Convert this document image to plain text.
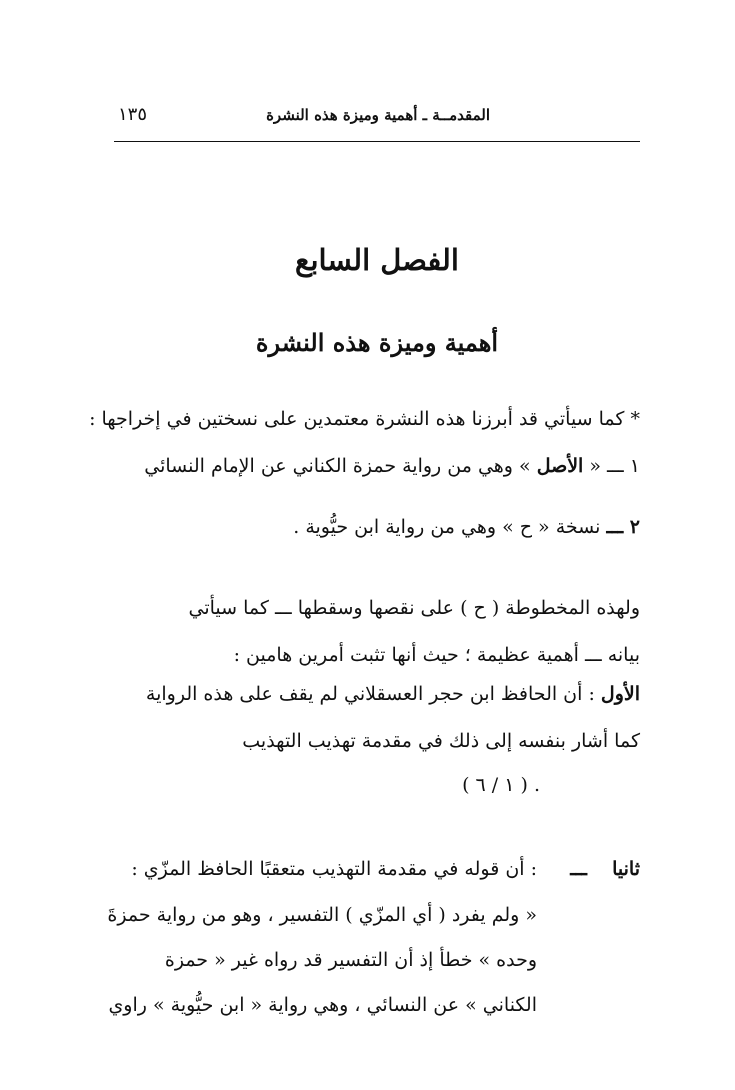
المقدمــة ـ أهمية وميزة هذه النشرة
١٣٥
الفصل السابع
أهمية وميزة هذه النشرة
* كما سيأتي قد أبرزنا هذه النشرة معتمدين على نسختين في إخراجها :
١ ـــ « الأصل » وهي من رواية حمزة الكناني عن الإمام النسائي
٢ ـــ نسخة « ح » وهي من رواية ابن حيُّوية .
ولهذه المخطوطة ( ح ) على نقصها وسقطها ـــ كما سيأتي
بيانه ـــ أهمية عظيمة ؛ حيث أنها تثبت أمرين هامين :
الأول : أن الحافظ ابن حجر العسقلاني لم يقف على هذه الرواية
كما أشار بنفسه إلى ذلك في مقدمة تهذيب التهذيب
. ( ١ / ٦ )
ثانيا
ـــ
: أن قوله في مقدمة التهذيب متعقبًا الحافظ المزّي :
« ولم يفرد ( أي المزّي ) التفسير ، وهو من رواية حمزةَ
وحده » خطأ إذ أن التفسير قد رواه غير « حمزة
الكناني » عن النسائي ، وهي رواية « ابن حيُّوية » راوي
